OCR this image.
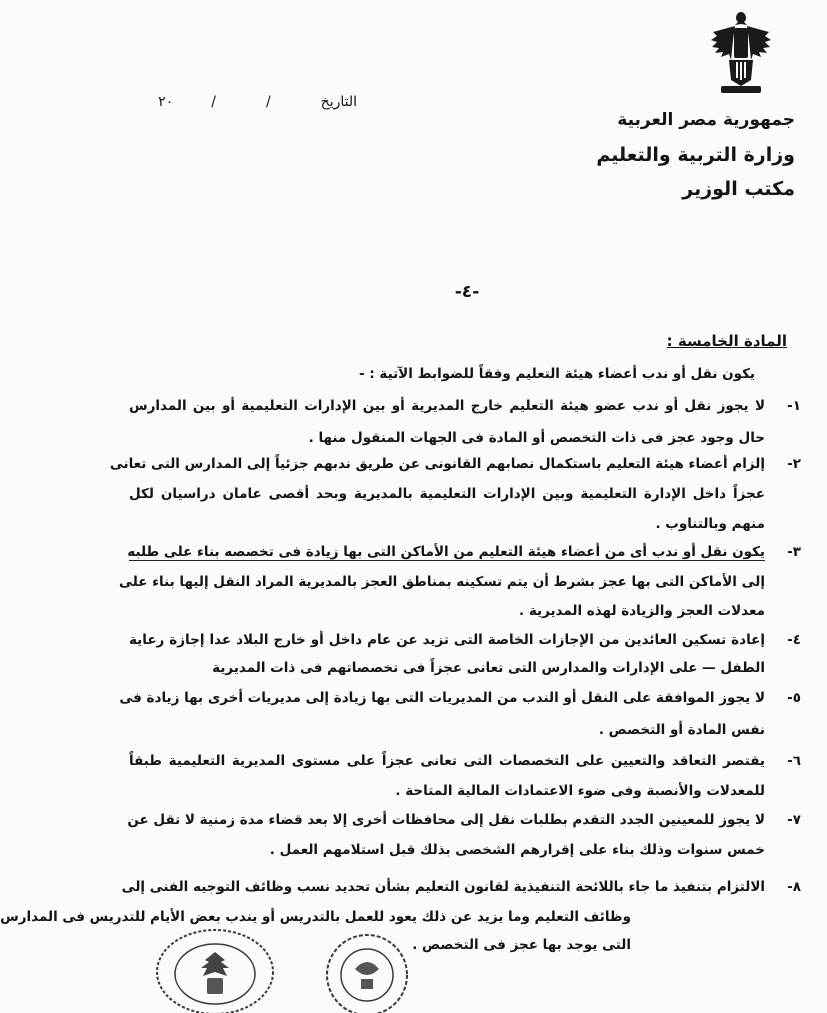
جمهورية مصر العربية
وزارة التربية والتعليم
مكتب الوزير
التاريخ
/
/
٢٠
-٤-
المادة الخامسة :
يكون نقل أو ندب أعضاء هيئة التعليم وفقاً للضوابط الآتية : -
١-
لا يجوز نقل أو ندب عضو هيئة التعليم خارج المديرية أو بين الإدارات التعليمية أو بين المدارس
حال وجود عجز فى ذات التخصص أو المادة فى الجهات المنقول منها .
٢-
إلزام أعضاء هيئة التعليم باستكمال نصابهم القانونى عن طريق ندبهم جزئياً إلى المدارس التى تعانى
عجزاً داخل الإدارة التعليمية وبين الإدارات التعليمية بالمديرية وبحد أقصى عامان دراسيان لكل
منهم وبالتناوب .
٣-
يكون نقل أو ندب أى من أعضاء هيئة التعليم من الأماكن التى بها زيادة فى تخصصه بناء على طلبه
إلى الأماكن التى بها عجز بشرط أن يتم تسكينه بمناطق العجز بالمديرية المراد النقل إليها بناء على
معدلات العجز والزيادة لهذه المديرية .
٤-
إعادة تسكين العائدين من الإجازات الخاصة التى تزيد عن عام داخل أو خارج البلاد عدا إجازة رعاية
الطفل — على الإدارات والمدارس التى تعانى عجزاً فى تخصصاتهم فى ذات المديرية
٥-
لا يجوز الموافقة على النقل أو الندب من المديريات التى بها زيادة إلى مديريات أخرى بها زيادة فى
نفس المادة أو التخصص .
٦-
يقتصر التعاقد والتعيين على التخصصات التى تعانى عجزاً على مستوى المديرية التعليمية طبقاً
للمعدلات والأنصبة وفى ضوء الاعتمادات المالية المتاحة .
٧-
لا يجوز للمعينين الجدد التقدم بطلبات نقل إلى محافظات أخرى إلا بعد قضاء مدة زمنية لا تقل عن
خمس سنوات وذلك بناء على إقرارهم الشخصى بذلك قبل استلامهم العمل .
٨-
الالتزام بتنفيذ ما جاء باللائحة التنفيذية لقانون التعليم بشأن تحديد نسب وظائف التوجيه الفنى إلى
وظائف التعليم وما يزيد عن ذلك يعود للعمل بالتدريس أو يندب بعض الأيام للتدريس فى المدارس
التى يوجد بها عجز فى التخصص .
